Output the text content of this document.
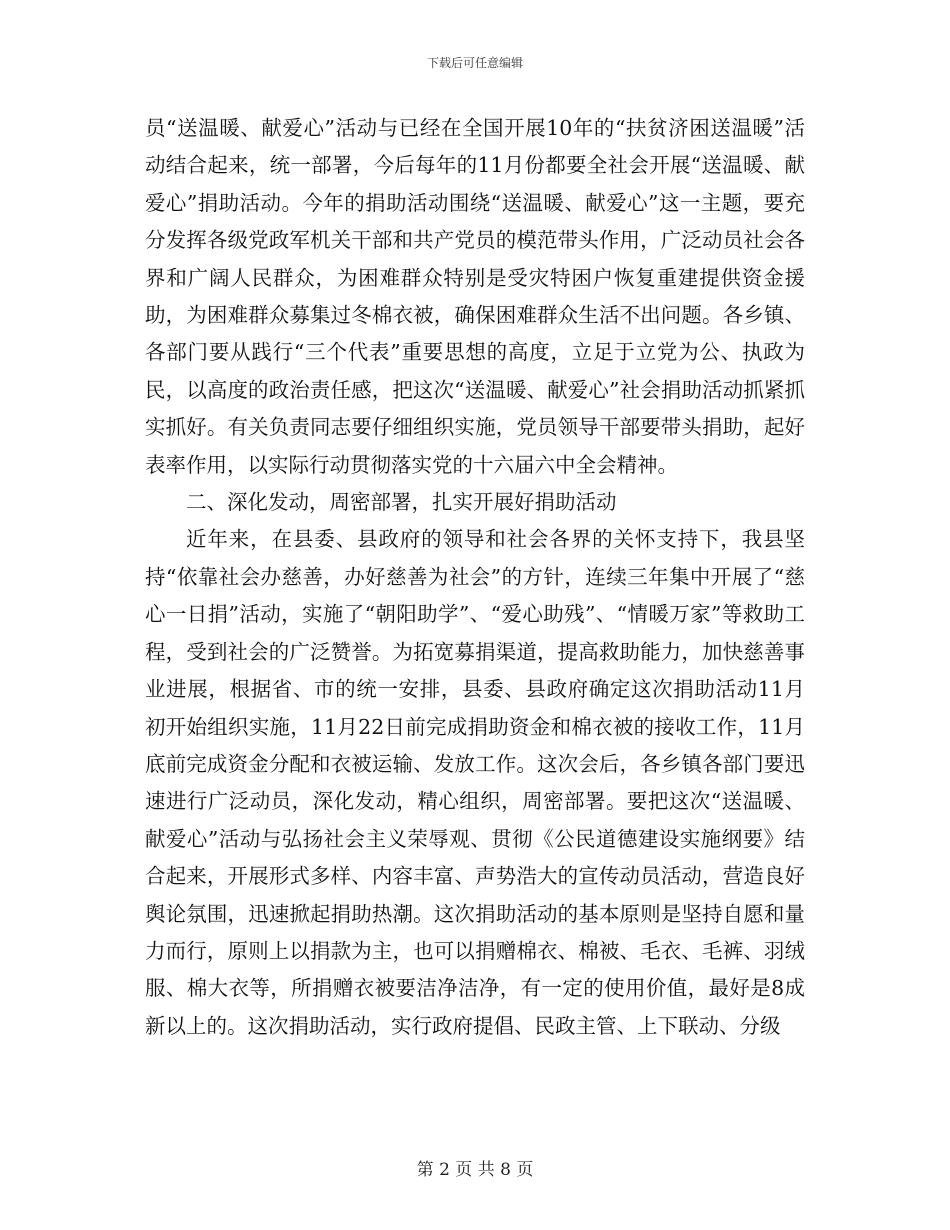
下载后可任意编辑

员“送温暖、献爱心”活动与已经在全国开展10年的“扶贫济困送温暖”活动结合起来，统一部署，今后每年的11月份都要全社会开展“送温暖、献爱心”捐助活动。今年的捐助活动围绕“送温暖、献爱心”这一主题，要充分发挥各级党政军机关干部和共产党员的模范带头作用，广泛动员社会各界和广阔人民群众，为困难群众特别是受灾特困户恢复重建提供资金援助，为困难群众募集过冬棉衣被，确保困难群众生活不出问题。各乡镇、各部门要从践行“三个代表”重要思想的高度，立足于立党为公、执政为民，以高度的政治责任感，把这次“送温暖、献爱心”社会捐助活动抓紧抓实抓好。有关负责同志要仔细组织实施，党员领导干部要带头捐助，起好表率作用，以实际行动贯彻落实党的十六届六中全会精神。

二、深化发动，周密部署，扎实开展好捐助活动

近年来，在县委、县政府的领导和社会各界的关怀支持下，我县坚持“依靠社会办慈善，办好慈善为社会”的方针，连续三年集中开展了“慈心一日捐”活动，实施了“朝阳助学”、“爱心助残”、“情暖万家”等救助工程，受到社会的广泛赞誉。为拓宽募捐渠道，提高救助能力，加快慈善事业进展，根据省、市的统一安排，县委、县政府确定这次捐助活动11月初开始组织实施，11月22日前完成捐助资金和棉衣被的接收工作，11月底前完成资金分配和衣被运输、发放工作。这次会后，各乡镇各部门要迅速进行广泛动员，深化发动，精心组织，周密部署。要把这次“送温暖、献爱心”活动与弘扬社会主义荣辱观、贯彻《公民道德建设实施纲要》结合起来，开展形式多样、内容丰富、声势浩大的宣传动员活动，营造良好舆论氛围，迅速掀起捐助热潮。这次捐助活动的基本原则是坚持自愿和量力而行，原则上以捐款为主，也可以捐赠棉衣、棉被、毛衣、毛裤、羽绒服、棉大衣等，所捐赠衣被要洁净洁净，有一定的使用价值，最好是8成新以上的。这次捐助活动，实行政府提倡、民政主管、上下联动、分级

第 2 页 共 8 页
